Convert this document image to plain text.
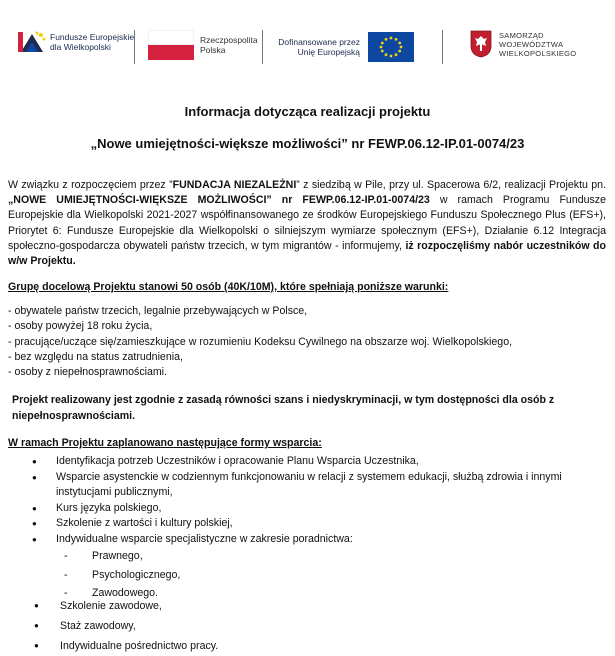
Fundusze Europejskie
dla Wielkopolski
Rzeczpospolita
Polska
Dofinansowane przez
Unię Europejską
SAMORZĄD
WOJEWÓDZTWA
WIELKOPOLSKIEGO
Informacja dotycząca realizacji projektu
„Nowe umiejętności-większe możliwości” nr FEWP.06.12-IP.01-0074/23

W związku z rozpoczęciem przez ”FUNDACJA NIEZALEŻNI” z siedzibą w Pile, przy ul. Spacerowa 6/2, realizacji Projektu pn. „NOWE UMIEJĘTNOŚCI-WIĘKSZE MOŻLIWOŚCI” nr FEWP.06.12-IP.01-0074/23 w ramach Programu Fundusze Europejskie dla Wielkopolski 2021-2027 współfinansowanego ze środków Europejskiego Funduszu Społecznego Plus (EFS+), Priorytet 6: Fundusze Europejskie dla Wielkopolski o silniejszym wymiarze społecznym (EFS+), Działanie 6.12 Integracja społeczno-gospodarcza obywateli państw trzecich, w tym migrantów - informujemy, iż rozpoczęliśmy nabór uczestników do w/w Projektu.

Grupę docelową Projektu stanowi 50 osób (40K/10M), które spełniają poniższe warunki:
- obywatele państw trzecich, legalnie przebywających w Polsce,
- osoby powyżej 18 roku życia,
- pracujące/uczące się/zamieszkujące w rozumieniu Kodeksu Cywilnego na obszarze woj. Wielkopolskiego,
- bez względu na status zatrudnienia,
- osoby z niepełnosprawnościami.

Projekt realizowany jest zgodnie z zasadą równości szans i niedyskryminacji, w tym dostępności dla osób z niepełnosprawnościami.

W ramach Projektu zaplanowano następujące formy wsparcia:
● Identyfikacja potrzeb Uczestników i opracowanie Planu Wsparcia Uczestnika,
● Wsparcie asystenckie w codziennym funkcjonowaniu w relacji z systemem edukacji, służbą zdrowia i innymi instytucjami publicznymi,
● Kurs języka polskiego,
● Szkolenie z wartości i kultury polskiej,
● Indywidualne wsparcie specjalistyczne w zakresie poradnictwa:
- Prawnego,
- Psychologicznego,
- Zawodowego.
● Szkolenie zawodowe,
● Staż zawodowy,
● Indywidualne pośrednictwo pracy.
